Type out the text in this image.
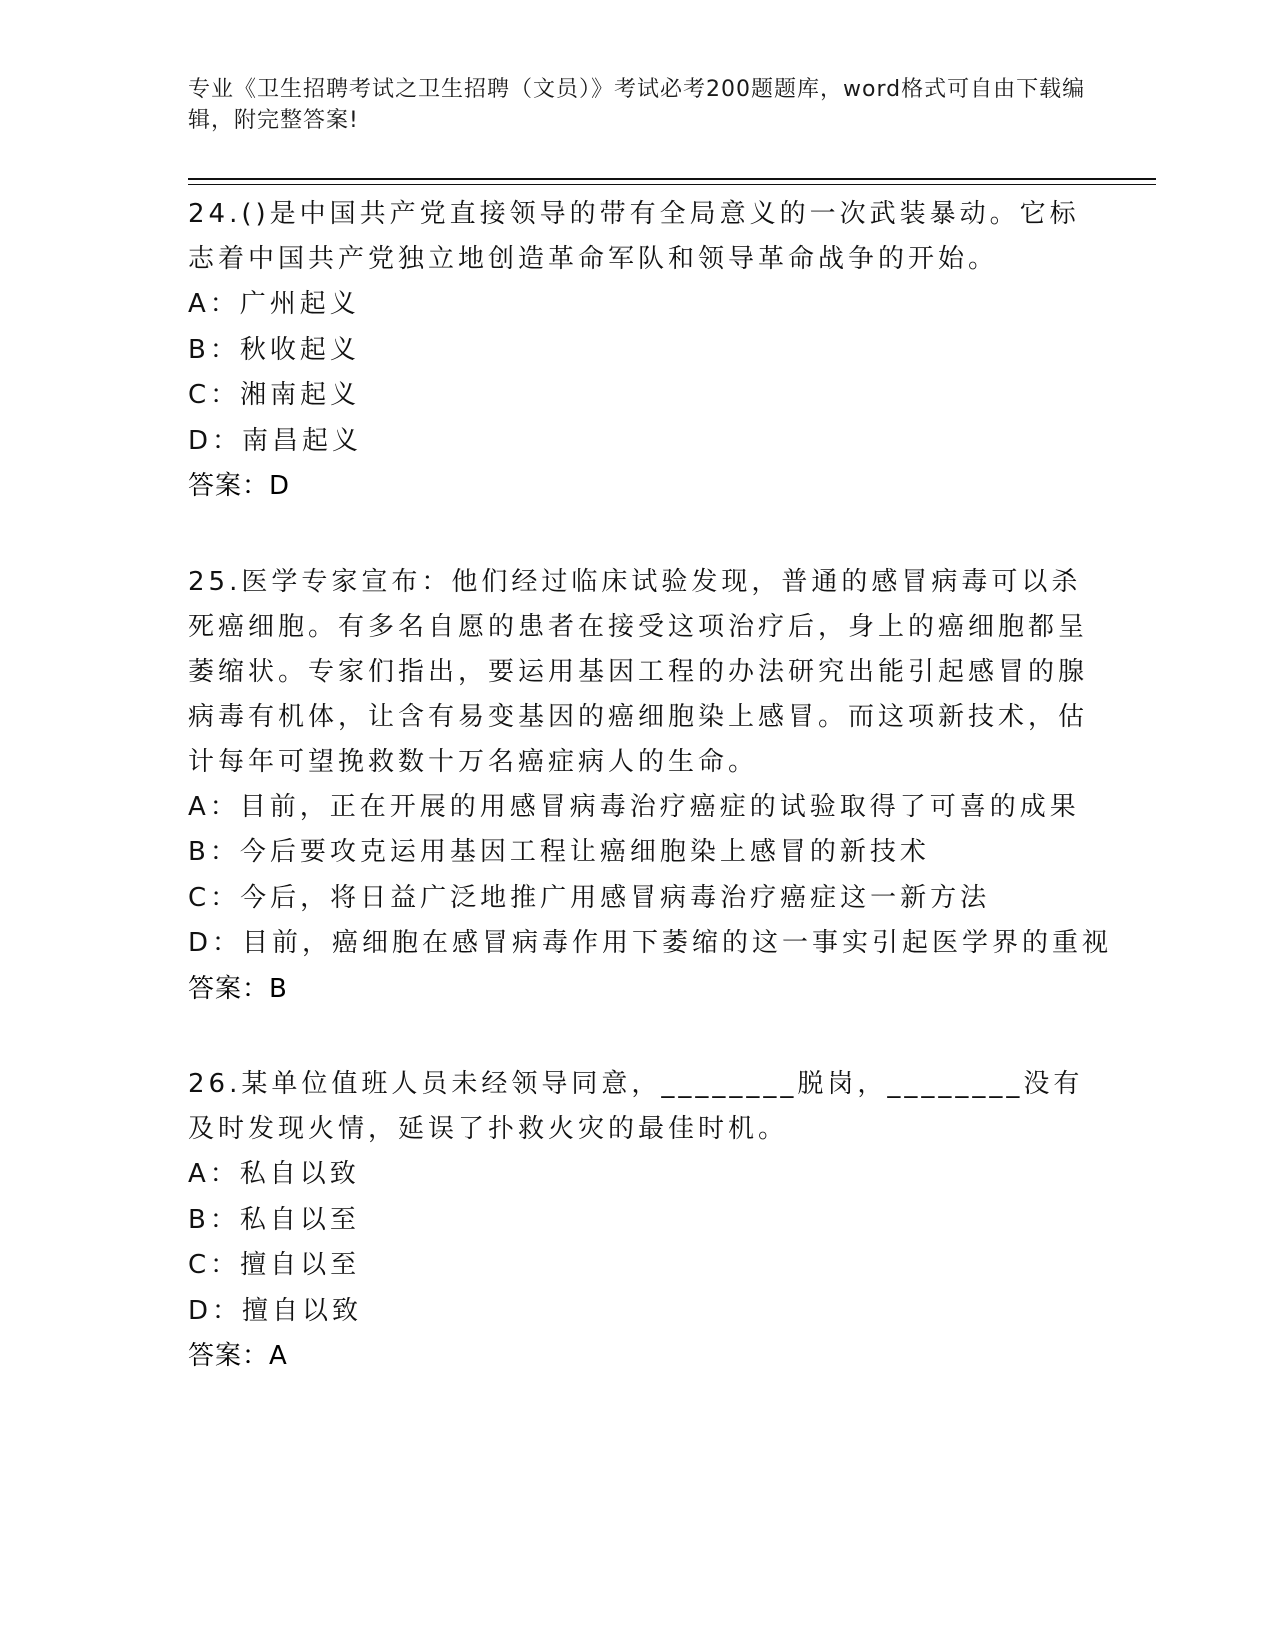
专业《卫生招聘考试之卫生招聘（文员）》考试必考200题题库，word格式可自由下载编辑，附完整答案!

24.()是中国共产党直接领导的带有全局意义的一次武装暴动。它标志着中国共产党独立地创造革命军队和领导革命战争的开始。

A：广州起义

B：秋收起义

C：湘南起义

D：南昌起义

答案：D

25.医学专家宣布：他们经过临床试验发现，普通的感冒病毒可以杀死癌细胞。有多名自愿的患者在接受这项治疗后，身上的癌细胞都呈萎缩状。专家们指出，要运用基因工程的办法研究出能引起感冒的腺病毒有机体，让含有易变基因的癌细胞染上感冒。而这项新技术，估计每年可望挽救数十万名癌症病人的生命。

A：目前，正在开展的用感冒病毒治疗癌症的试验取得了可喜的成果

B：今后要攻克运用基因工程让癌细胞染上感冒的新技术

C：今后，将日益广泛地推广用感冒病毒治疗癌症这一新方法

D：目前，癌细胞在感冒病毒作用下萎缩的这一事实引起医学界的重视

答案：B

26.某单位值班人员未经领导同意，________脱岗，________没有及时发现火情，延误了扑救火灾的最佳时机。

A：私自以致

B：私自以至

C：擅自以至

D：擅自以致

答案：A
